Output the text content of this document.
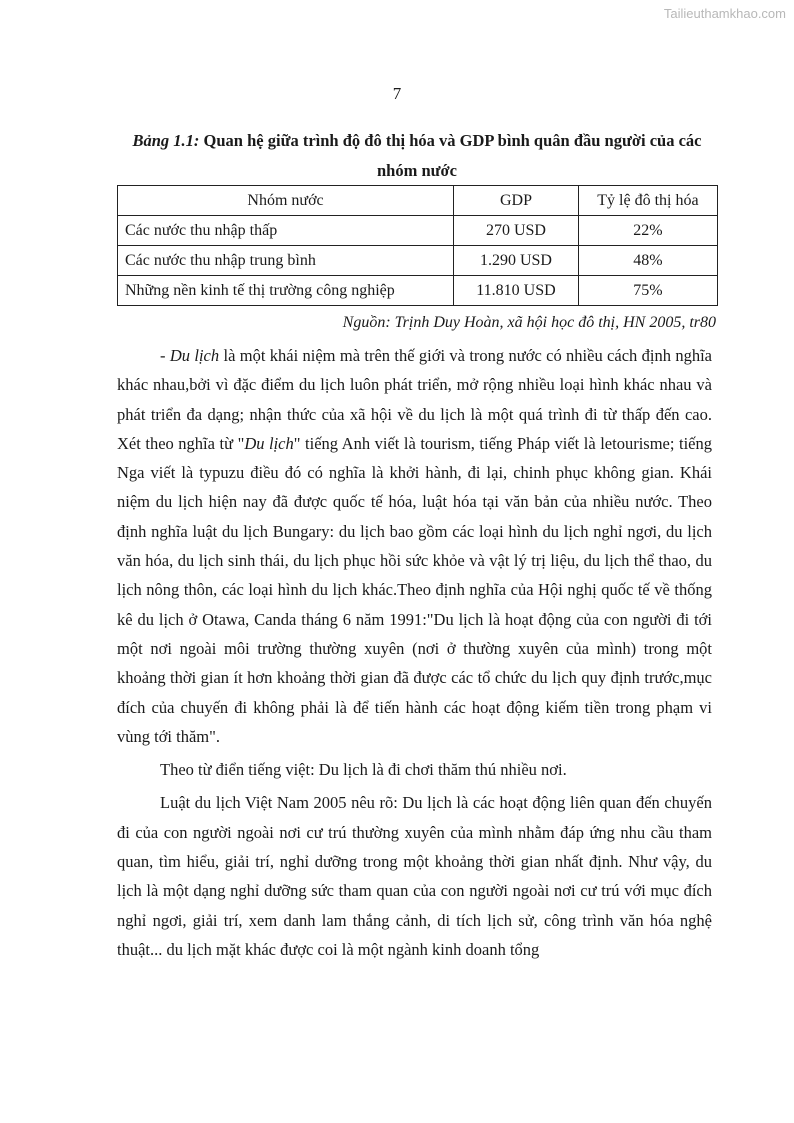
Tailieuthamkhao.com
7
Bảng 1.1: Quan hệ giữa trình độ đô thị hóa và GDP bình quân đầu người của các nhóm nước
Nhóm nước	GDP	Tỷ lệ đô thị hóa
Các nước thu nhập thấp	270 USD	22%
Các nước thu nhập trung bình	1.290 USD	48%
Những nền kinh tế thị trường công nghiệp	11.810 USD	75%
Nguồn: Trịnh Duy Hoàn, xã hội học đô thị, HN 2005, tr80

- Du lịch là một khái niệm mà trên thế giới và trong nước có nhiều cách định nghĩa khác nhau,bởi vì đặc điểm du lịch luôn phát triển, mở rộng nhiều loại hình khác nhau và phát triển đa dạng; nhận thức của xã hội về du lịch là một quá trình đi từ thấp đến cao. Xét theo nghĩa từ "Du lịch" tiếng Anh viết là tourism, tiếng Pháp viết là letourisme; tiếng Nga viết là typuzu điều đó có nghĩa là khởi hành, đi lại, chinh phục không gian. Khái niệm du lịch hiện nay đã được quốc tế hóa, luật hóa tại văn bản của nhiều nước. Theo định nghĩa luật du lịch Bungary: du lịch bao gồm các loại hình du lịch nghỉ ngơi, du lịch văn hóa, du lịch sinh thái, du lịch phục hồi sức khỏe và vật lý trị liệu, du lịch thể thao, du lịch nông thôn, các loại hình du lịch khác.Theo định nghĩa của Hội nghị quốc tế về thống kê du lịch ở Otawa, Canda tháng 6 năm 1991:"Du lịch là hoạt động của con người đi tới một nơi ngoài môi trường thường xuyên (nơi ở thường xuyên của mình) trong một khoảng thời gian ít hơn khoảng thời gian đã được các tổ chức du lịch quy định trước,mục đích của chuyến đi không phải là để tiến hành các hoạt động kiếm tiền trong phạm vi vùng tới thăm".

Theo từ điển tiếng việt: Du lịch là đi chơi thăm thú nhiều nơi.

Luật du lịch Việt Nam 2005 nêu rõ: Du lịch là các hoạt động liên quan đến chuyến đi của con người ngoài nơi cư trú thường xuyên của mình nhằm đáp ứng nhu cầu tham quan, tìm hiểu, giải trí, nghỉ dưỡng trong một khoảng thời gian nhất định. Như vậy, du lịch là một dạng nghỉ dưỡng sức tham quan của con người ngoài nơi cư trú với mục đích nghỉ ngơi, giải trí, xem danh lam thắng cảnh, di tích lịch sử, công trình văn hóa nghệ thuật... du lịch mặt khác được coi là một ngành kinh doanh tổng
